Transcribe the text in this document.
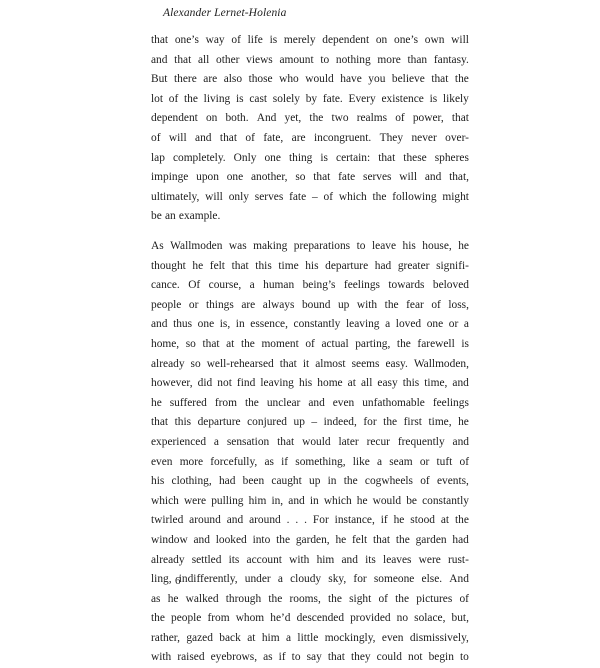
Alexander Lernet-Holenia
that one’s way of life is merely dependent on one’s own will
and that all other views amount to nothing more than fantasy.
But there are also those who would have you believe that the
lot of the living is cast solely by fate. Every existence is likely
dependent on both. And yet, the two realms of power, that
of will and that of fate, are incongruent. They never over-
lap completely. Only one thing is certain: that these spheres
impinge upon one another, so that fate serves will and that,
ultimately, will only serves fate – of which the following might
be an example.
As Wallmoden was making preparations to leave his house, he
thought he felt that this time his departure had greater signifi-
cance. Of course, a human being’s feelings towards beloved
people or things are always bound up with the fear of loss,
and thus one is, in essence, constantly leaving a loved one or a
home, so that at the moment of actual parting, the farewell is
already so well-rehearsed that it almost seems easy. Wallmoden,
however, did not find leaving his home at all easy this time, and
he suffered from the unclear and even unfathomable feelings
that this departure conjured up – indeed, for the first time, he
experienced a sensation that would later recur frequently and
even more forcefully, as if something, like a seam or tuft of
his clothing, had been caught up in the cogwheels of events,
which were pulling him in, and in which he would be constantly
twirled around and around . . . For instance, if he stood at the
window and looked into the garden, he felt that the garden had
already settled its account with him and its leaves were rust-
ling, indifferently, under a cloudy sky, for someone else. And
as he walked through the rooms, the sight of the pictures of
the people from whom he’d descended provided no solace, but,
rather, gazed back at him a little mockingly, even dismissively,
with raised eyebrows, as if to say that they could not begin to
6
